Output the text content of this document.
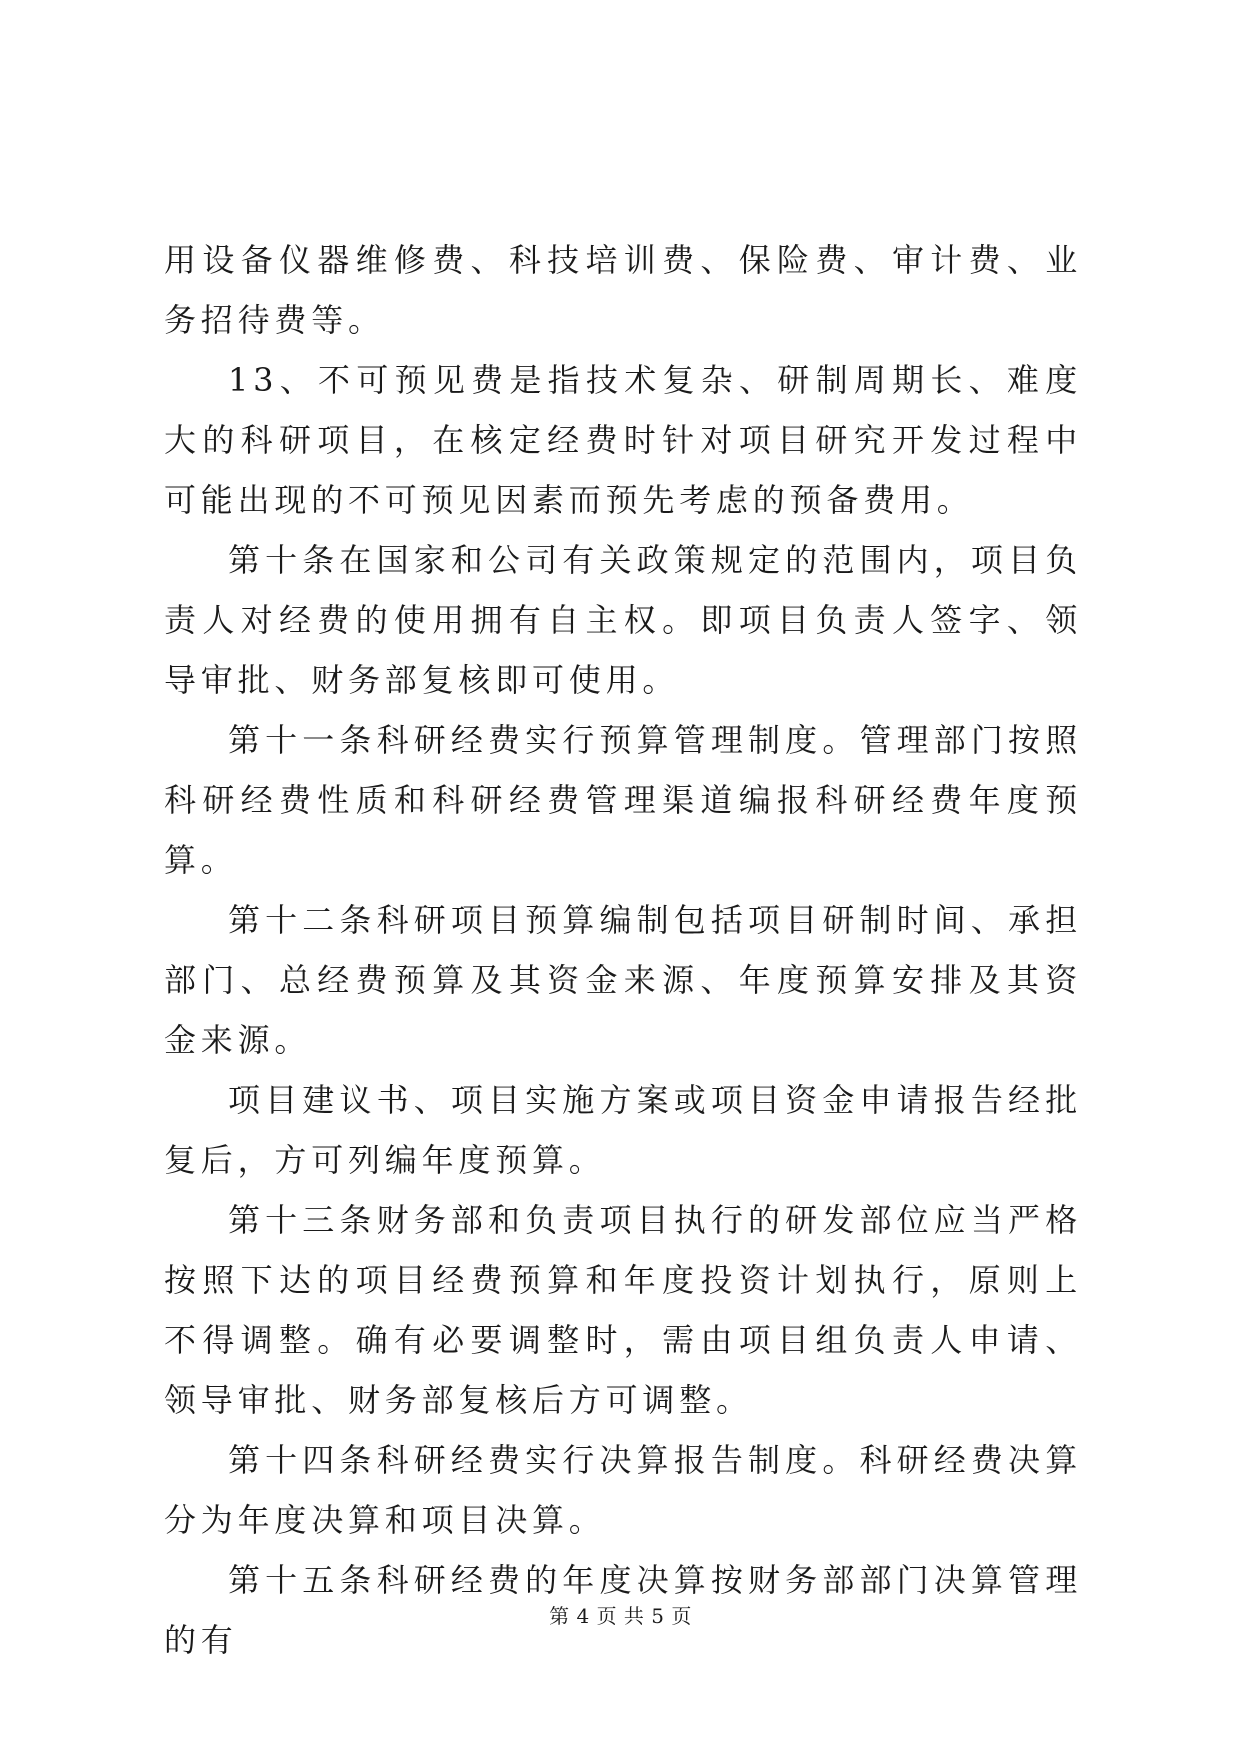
用设备仪器维修费、科技培训费、保险费、审计费、业务招待费等。

13、不可预见费是指技术复杂、研制周期长、难度大的科研项目，在核定经费时针对项目研究开发过程中可能出现的不可预见因素而预先考虑的预备费用。

第十条在国家和公司有关政策规定的范围内，项目负责人对经费的使用拥有自主权。即项目负责人签字、领导审批、财务部复核即可使用。

第十一条科研经费实行预算管理制度。管理部门按照科研经费性质和科研经费管理渠道编报科研经费年度预算。

第十二条科研项目预算编制包括项目研制时间、承担部门、总经费预算及其资金来源、年度预算安排及其资金来源。

项目建议书、项目实施方案或项目资金申请报告经批复后，方可列编年度预算。

第十三条财务部和负责项目执行的研发部位应当严格按照下达的项目经费预算和年度投资计划执行，原则上不得调整。确有必要调整时，需由项目组负责人申请、领导审批、财务部复核后方可调整。

第十四条科研经费实行决算报告制度。科研经费决算分为年度决算和项目决算。

第十五条科研经费的年度决算按财务部部门决算管理的有

第 4 页 共 5 页
